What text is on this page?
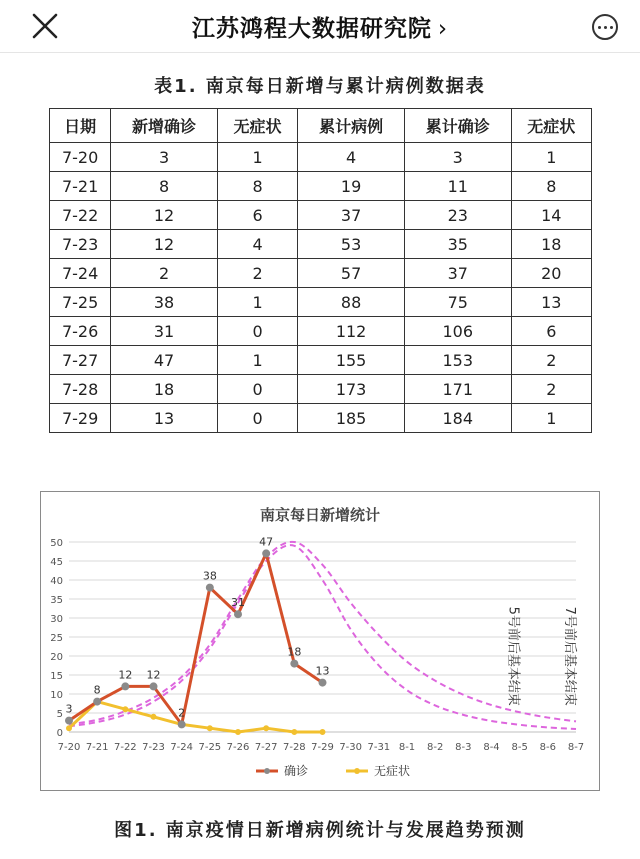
江苏鸿程大数据研究院 ›
表1. 南京每日新增与累计病例数据表
日期	新增确诊	无症状	累计病例	累计确诊	无症状
7-20	3	1	4	3	1
7-21	8	8	19	11	8
7-22	12	6	37	23	14
7-23	12	4	53	35	18
7-24	2	2	57	37	20
7-25	38	1	88	75	13
7-26	31	0	112	106	6
7-27	47	1	155	153	2
7-28	18	0	173	171	2
7-29	13	0	185	184	1
南京每日新增统计
0
5
10
15
20
25
30
35
40
45
50
7-20 7-21 7-22 7-23 7-24 7-25 7-26 7-27 7-28 7-29 7-30 7-31 8-1 8-2 8-3 8-4 8-5 8-6 8-7
3
8
12 12
2
38
31
47
18
13	5号前后基本结束	7号前后基本结束
确诊	无症状
图1. 南京疫情日新增病例统计与发展趋势预测
